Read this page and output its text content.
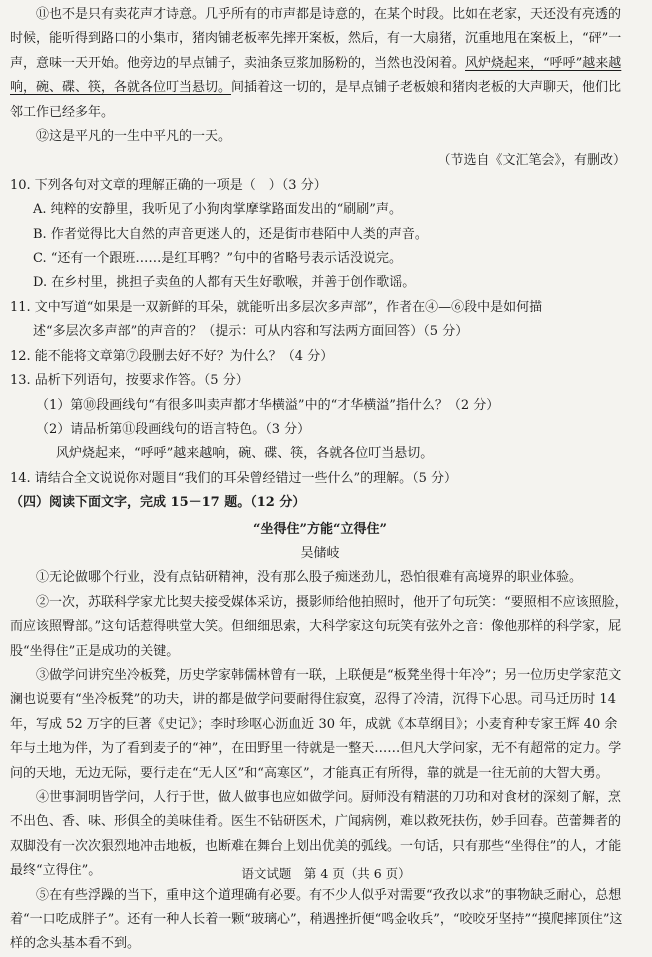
⑪也不是只有卖花声才诗意。几乎所有的市声都是诗意的，在某个时段。比如在老家，天还没有亮透的时候，能听得到路口的小集市，猪肉铺老板率先摔开案板，然后，有一大扇猪，沉重地甩在案板上，“砰”一声，意味一天开始。他旁边的早点铺子，卖油条豆浆加肠粉的，当然也没闲着。风炉烧起来，“呼呼”越来越响，碗、碟、筷，各就各位叮当悬切。间插着这一切的，是早点铺子老板娘和猪肉老板的大声聊天，他们比邻工作已经多年。

⑫这是平凡的一生中平凡的一天。

（节选自《文汇笔会》，有删改）

10. 下列各句对文章的理解正确的一项是（　）（3 分）

A. 纯粹的安静里，我听见了小狗肉掌摩挲路面发出的“刷刷”声。

B. 作者觉得比大自然的声音更迷人的，还是街市巷陌中人类的声音。

C. “还有一个跟班……是红耳鸭？”句中的省略号表示话没说完。

D. 在乡村里，挑担子卖鱼的人都有天生好歌喉，并善于创作歌谣。

11. 文中写道“如果是一双新鲜的耳朵，就能听出多层次多声部”，作者在④—⑥段中是如何描

述“多层次多声部”的声音的？（提示：可从内容和写法两方面回答）（5 分）

12. 能不能将文章第⑦段删去好不好？为什么？（4 分）

13. 品析下列语句，按要求作答。（5 分）

（1）第⑩段画线句“有很多叫卖声都才华横溢”中的“才华横溢”指什么？（2 分）

（2）请品析第⑪段画线句的语言特色。（3 分）

风炉烧起来，“呼呼”越来越响，碗、碟、筷，各就各位叮当悬切。

14. 请结合全文说说你对题目“我们的耳朵曾经错过一些什么”的理解。（5 分）

（四）阅读下面文字，完成 15－17 题。（12 分）

“坐得住”方能“立得住”

吴储岐

①无论做哪个行业，没有点钻研精神，没有那么股子痴迷劲儿，恐怕很难有高境界的职业体验。

②一次，苏联科学家尤比契夫接受媒体采访，摄影师给他拍照时，他开了句玩笑：“要照相不应该照脸，而应该照臀部。”这句话惹得哄堂大笑。但细细思索，大科学家这句玩笑有弦外之音：像他那样的科学家，屁股“坐得住”正是成功的关键。

③做学问讲究坐冷板凳，历史学家韩儒林曾有一联，上联便是“板凳坐得十年冷”；另一位历史学家范文澜也说要有“坐冷板凳”的功夫，讲的都是做学问要耐得住寂寞，忍得了冷清，沉得下心思。司马迁历时 14 年，写成 52 万字的巨著《史记》；李时珍呕心沥血近 30 年，成就《本草纲目》；小麦育种专家王辉 40 余年与土地为伴，为了看到麦子的“神”，在田野里一待就是一整天……但凡大学问家，无不有超常的定力。学问的天地，无边无际，要行走在“无人区”和“高寒区”，才能真正有所得，靠的就是一往无前的大智大勇。

④世事洞明皆学问，人行于世，做人做事也应如做学问。厨师没有精湛的刀功和对食材的深刻了解，烹不出色、香、味、形俱全的美味佳肴。医生不钻研医术，广闻病例，难以救死扶伤，妙手回春。芭蕾舞者的双脚没有一次次狠烈地冲击地板，也断难在舞台上划出优美的弧线。一句话，只有那些“坐得住”的人，才能最终“立得住”。

⑤在有些浮躁的当下，重申这个道理确有必要。有不少人似乎对需要“孜孜以求”的事物缺乏耐心，总想着“一口吃成胖子”。还有一种人长着一颗“玻璃心”，稍遇挫折便“鸣金收兵”，“咬咬牙坚持”“摸爬摔顶住”这样的念头基本看不到。

语文试题　第 4 页（共 6 页）
